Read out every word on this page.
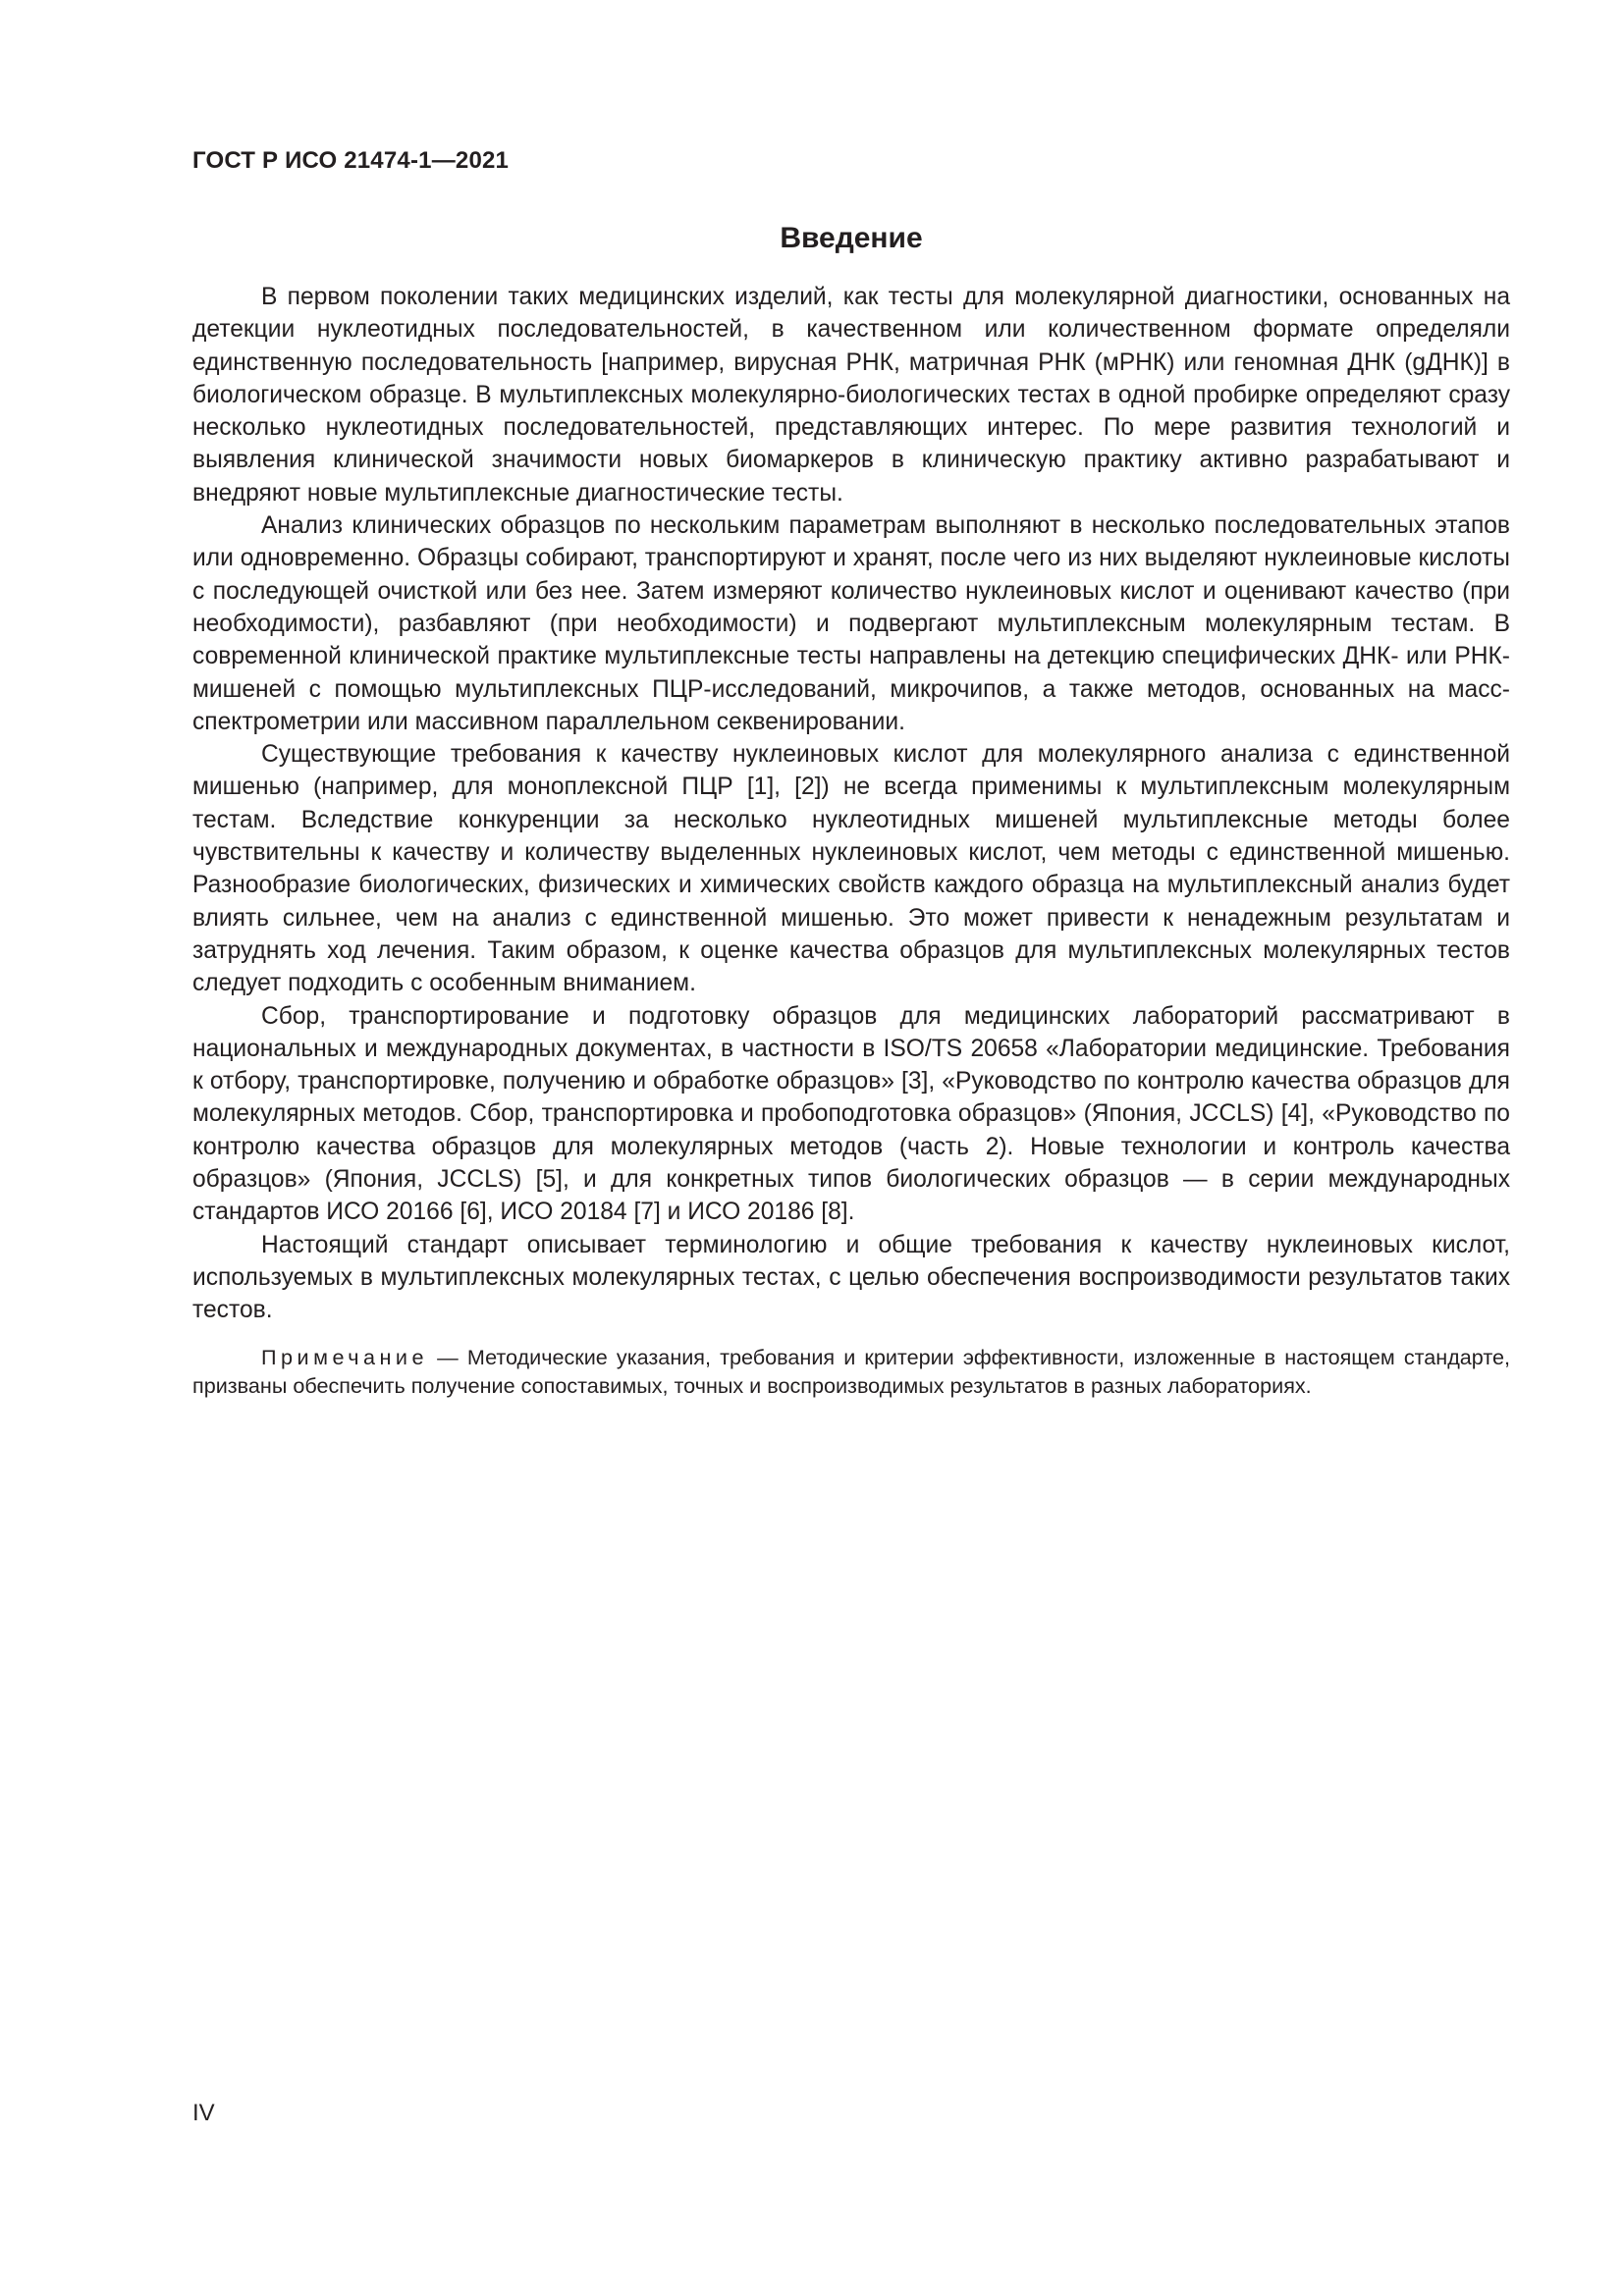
ГОСТ Р ИСО 21474-1—2021
Введение

В первом поколении таких медицинских изделий, как тесты для молекулярной диагностики, основанных на детекции нуклеотидных последовательностей, в качественном или количественном формате определяли единственную последовательность [например, вирусная РНК, матричная РНК (мРНК) или геномная ДНК (gДНК)] в биологическом образце. В мультиплексных молекулярно-биологических тестах в одной пробирке определяют сразу несколько нуклеотидных последовательностей, представляющих интерес. По мере развития технологий и выявления клинической значимости новых биомаркеров в клиническую практику активно разрабатывают и внедряют новые мультиплексные диагностические тесты.

Анализ клинических образцов по нескольким параметрам выполняют в несколько последовательных этапов или одновременно. Образцы собирают, транспортируют и хранят, после чего из них выделяют нуклеиновые кислоты с последующей очисткой или без нее. Затем измеряют количество нуклеиновых кислот и оценивают качество (при необходимости), разбавляют (при необходимости) и подвергают мультиплексным молекулярным тестам. В современной клинической практике мультиплексные тесты направлены на детекцию специфических ДНК- или РНК-мишеней с помощью мультиплексных ПЦР-исследований, микрочипов, а также методов, основанных на масс-спектрометрии или массивном параллельном секвенировании.

Существующие требования к качеству нуклеиновых кислот для молекулярного анализа с единственной мишенью (например, для моноплексной ПЦР [1], [2]) не всегда применимы к мультиплексным молекулярным тестам. Вследствие конкуренции за несколько нуклеотидных мишеней мультиплексные методы более чувствительны к качеству и количеству выделенных нуклеиновых кислот, чем методы с единственной мишенью. Разнообразие биологических, физических и химических свойств каждого образца на мультиплексный анализ будет влиять сильнее, чем на анализ с единственной мишенью. Это может привести к ненадежным результатам и затруднять ход лечения. Таким образом, к оценке качества образцов для мультиплексных молекулярных тестов следует подходить с особенным вниманием.

Сбор, транспортирование и подготовку образцов для медицинских лабораторий рассматривают в национальных и международных документах, в частности в ISO/TS 20658 «Лаборатории медицинские. Требования к отбору, транспортировке, получению и обработке образцов» [3], «Руководство по контролю качества образцов для молекулярных методов. Сбор, транспортировка и пробоподготовка образцов» (Япония, JCCLS) [4], «Руководство по контролю качества образцов для молекулярных методов (часть 2). Новые технологии и контроль качества образцов» (Япония, JCCLS) [5], и для конкретных типов биологических образцов — в серии международных стандартов ИСО 20166 [6], ИСО 20184 [7] и ИСО 20186 [8].

Настоящий стандарт описывает терминологию и общие требования к качеству нуклеиновых кислот, используемых в мультиплексных молекулярных тестах, с целью обеспечения воспроизводимости результатов таких тестов.

Примечание — Методические указания, требования и критерии эффективности, изложенные в настоящем стандарте, призваны обеспечить получение сопоставимых, точных и воспроизводимых результатов в разных лабораториях.

IV
